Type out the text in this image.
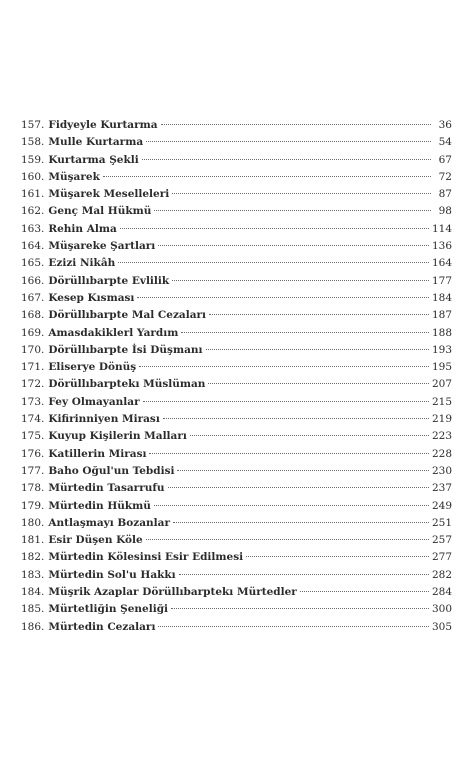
157. Fidyeyle Kurtarma	36
158. Mulle Kurtarma	54
159. Kurtarma Şekli	67
160. Müşarek	72
161. Müşarek Meselleleri	87
162. Genç Mal Hükmü	98
163. Rehin Alma	114
164. Müşareke Şartları	136
165. Ezizi Nikâh	164
166. Dörüllıbarpte Evlilik	177
167. Kesep Kısması	184
168. Dörüllıbarpte Mal Cezaları	187
169. Amasdakiklerl Yardım	188
170. Dörüllıbarpte İsi Düşmanı	193
171. Eliserye Dönüş	195
172. Dörüllıbarptekı Müslüman	207
173. Fey Olmayanlar	215
174. Kifirinniyen Mirası	219
175. Kuyup Kişilerin Malları	223
176. Katillerin Mirası	228
177. Baho Oğul'un Tebdisi	230
178. Mürtedin Tasarrufu	237
179. Mürtedin Hükmü	249
180. Antlaşmayı Bozanlar	251
181. Esir Düşen Köle	257
182. Mürtedin Kölesinsi Esir Edilmesi	277
183. Mürtedin Sol'u Hakkı	282
184. Müşrik Azaplar Dörüllıbarptekı Mürtedler	284
185. Mürtetliğin Şeneliği	300
186. Mürtedin Cezaları	305
